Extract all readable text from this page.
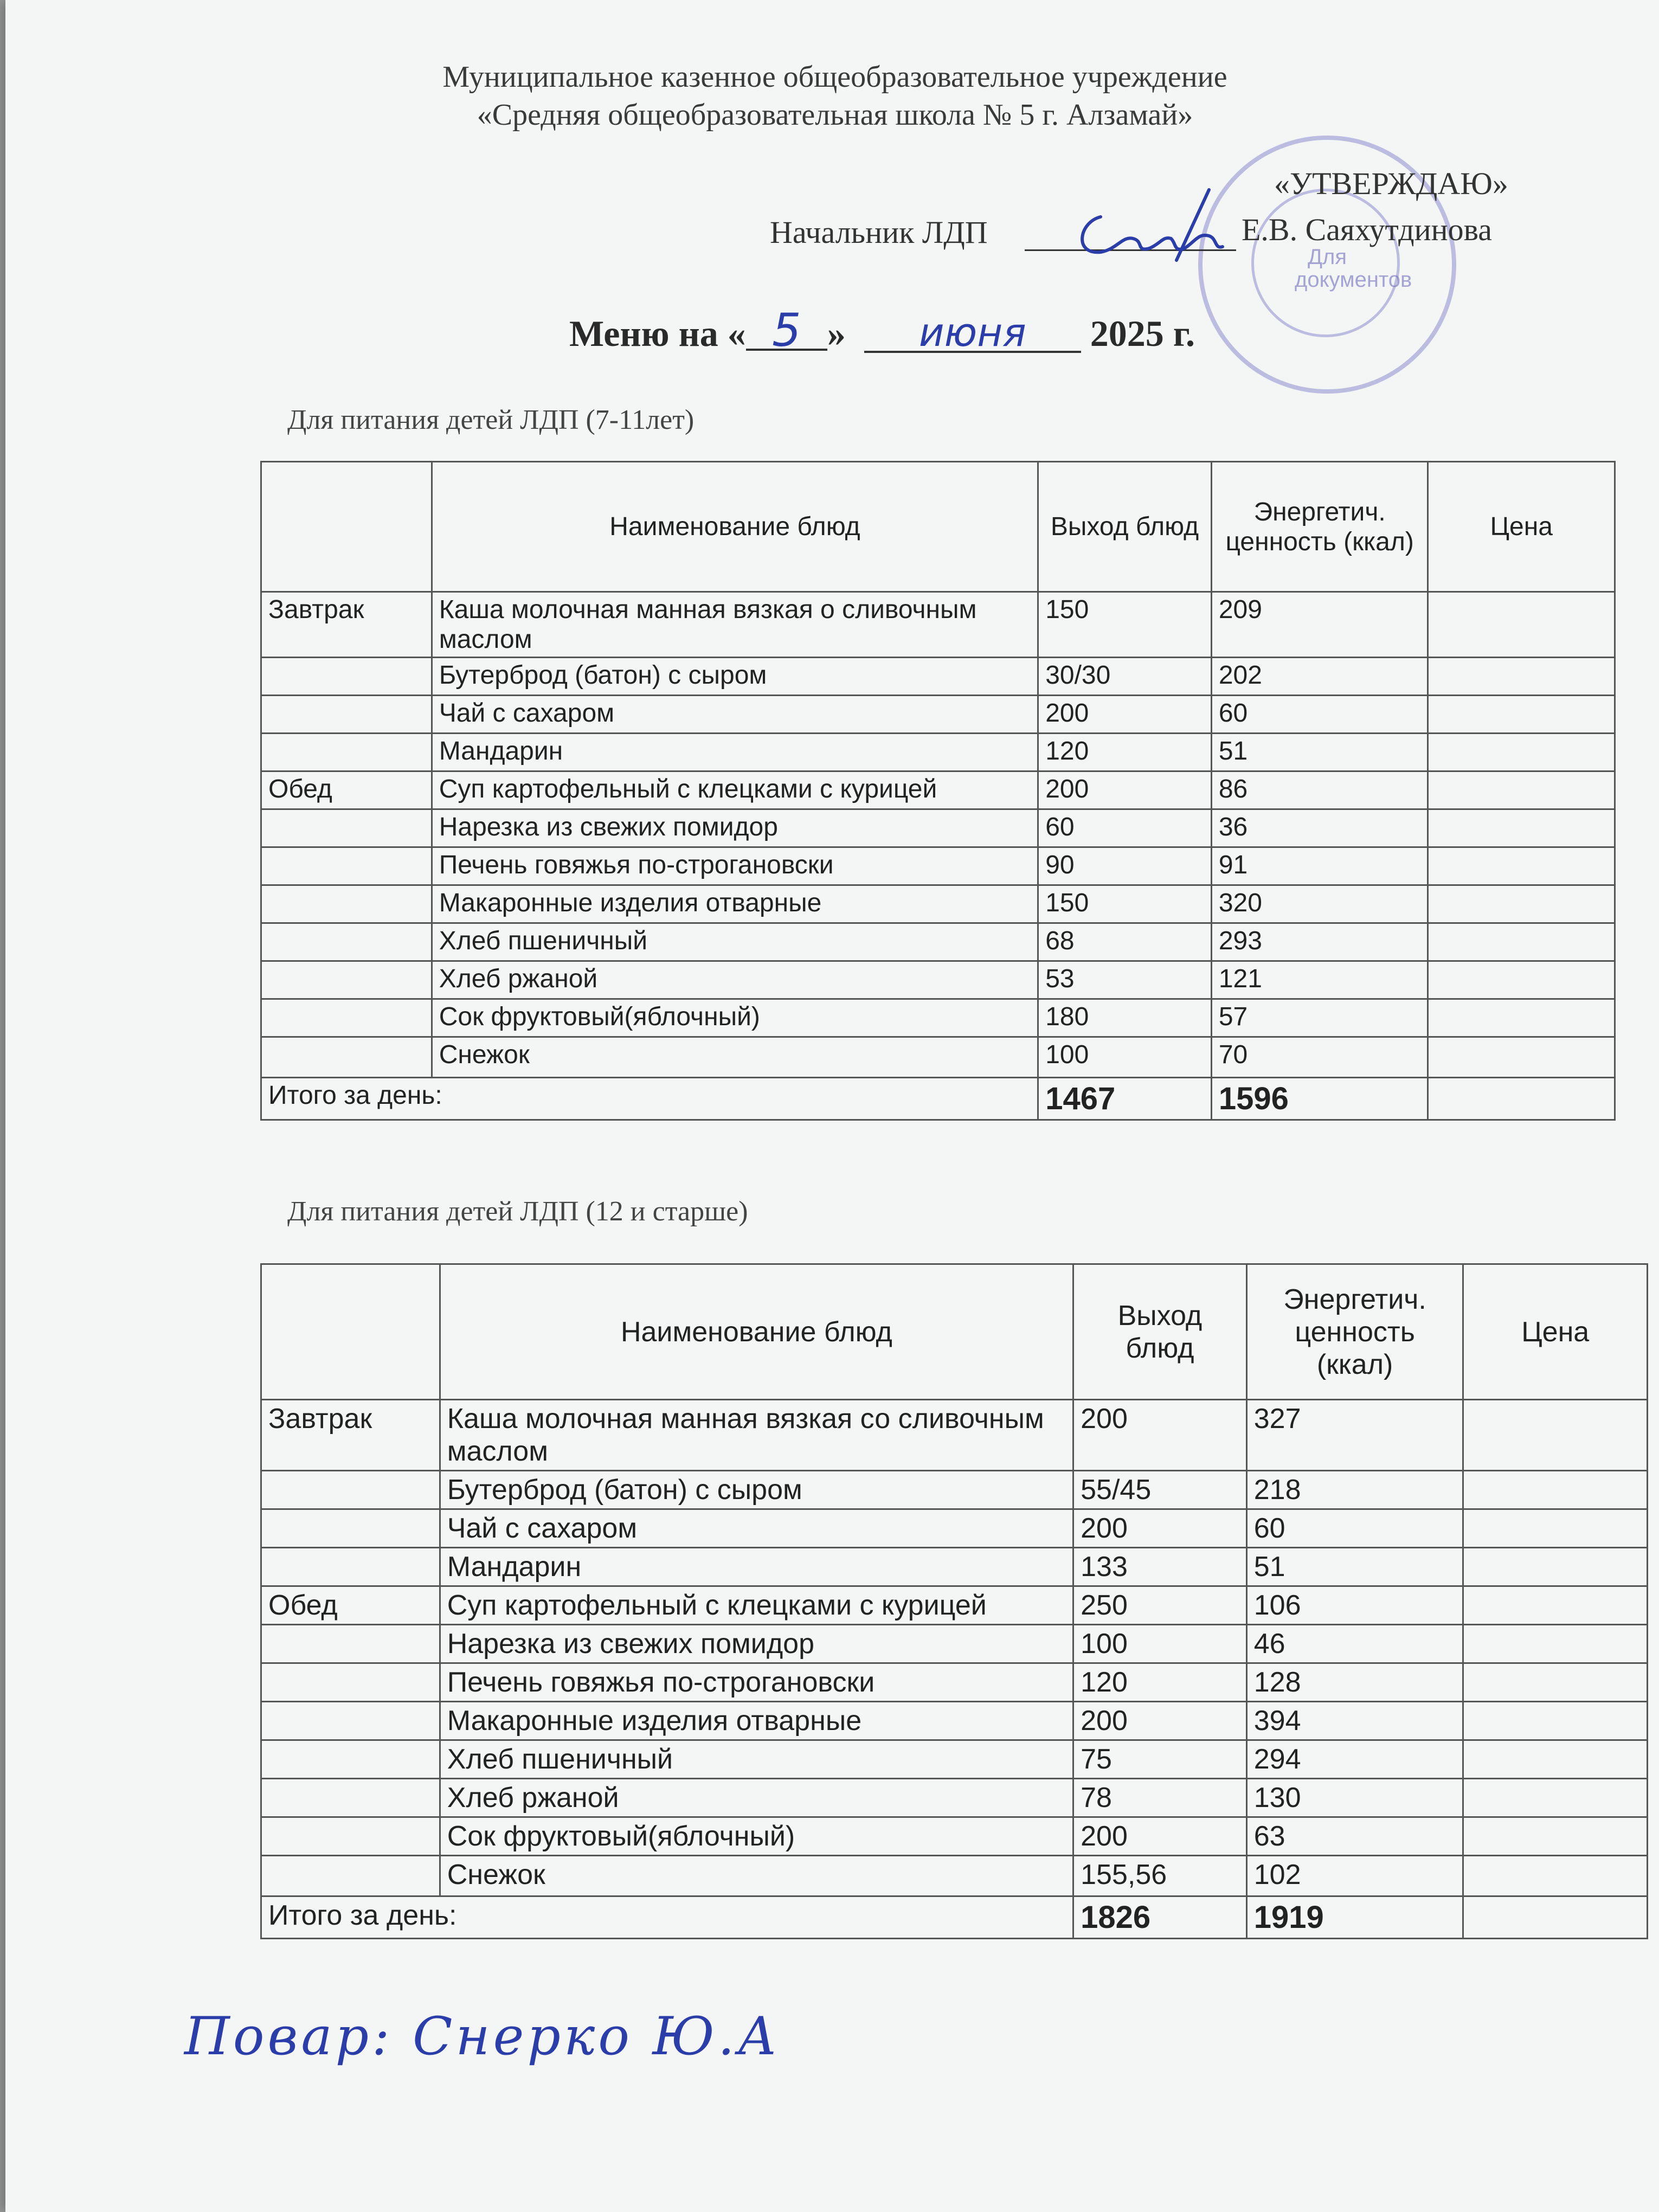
Муниципальное казенное общеобразовательное учреждение
«Средняя общеобразовательная школа № 5 г. Алзамай»
Для документов
«УТВЕРЖДАЮ»
Начальник ЛДП	Е.В. Саяхутдинова
Меню на « 5 » июня 2025 г.
Для питания детей ЛДП (7-11лет)
	Наименование блюд	Выход блюд	Энергетич. ценность (ккал)	Цена
Завтрак	Каша молочная манная вязкая о сливочным маслом	150	209	
	Бутерброд (батон) с сыром	30/30	202	
	Чай с сахаром	200	60	
	Мандарин	120	51	
Обед	Суп картофельный с клецками с курицей	200	86	
	Нарезка из свежих помидор	60	36	
	Печень говяжья по-строгановски	90	91	
	Макаронные изделия отварные	150	320	
	Хлеб пшеничный	68	293	
	Хлеб ржаной	53	121	
	Сок фруктовый(яблочный)	180	57	
	Снежок	100	70	
Итого за день:		1467	1596	
Для питания детей ЛДП (12 и старше)
	Наименование блюд	Выход блюд	Энергетич. ценность (ккал)	Цена
Завтрак	Каша молочная манная вязкая со сливочным маслом	200	327	
	Бутерброд (батон) с сыром	55/45	218	
	Чай с сахаром	200	60	
	Мандарин	133	51	
Обед	Суп картофельный с клецками с курицей	250	106	
	Нарезка из свежих помидор	100	46	
	Печень говяжья по-строгановски	120	128	
	Макаронные изделия отварные	200	394	
	Хлеб пшеничный	75	294	
	Хлеб ржаной	78	130	
	Сок фруктовый(яблочный)	200	63	
	Снежок	155,56	102	
Итого за день:		1826	1919	
Повар: Снерко Ю.А
